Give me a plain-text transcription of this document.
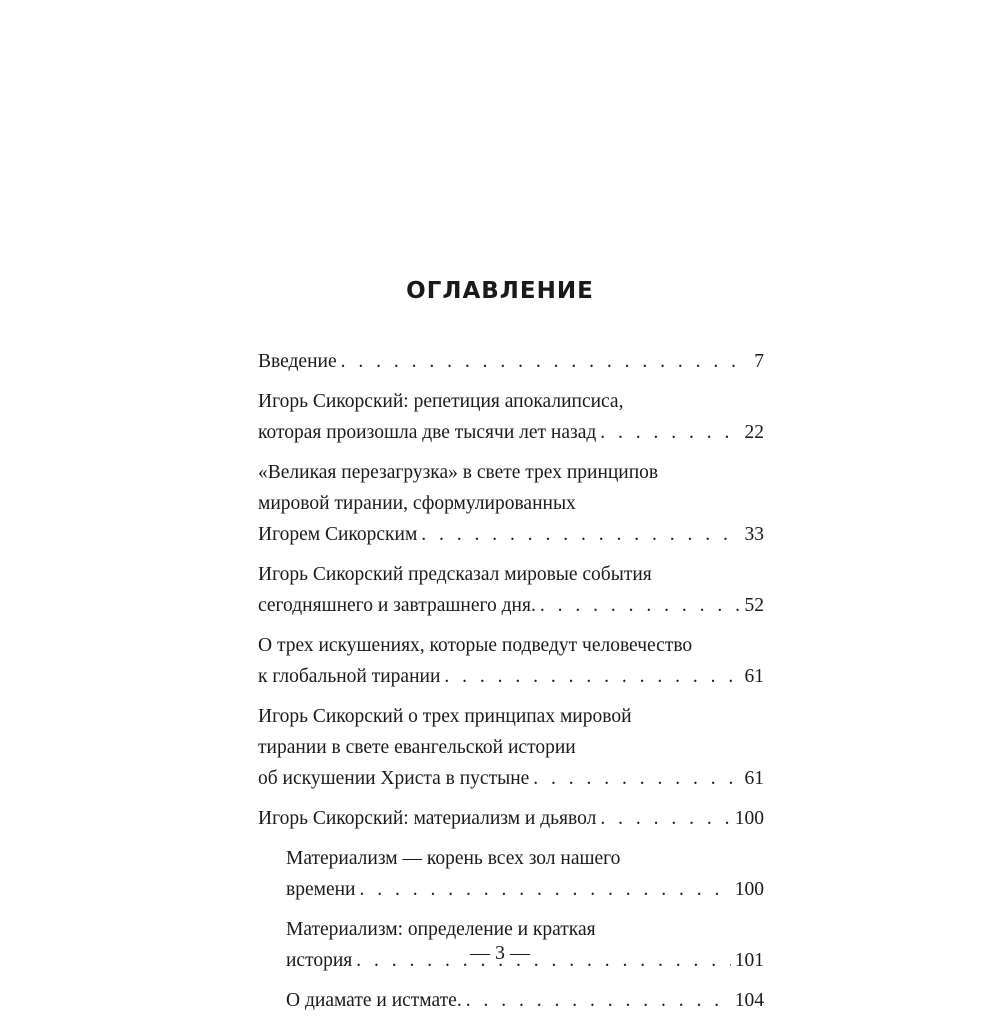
ОГЛАВЛЕНИЕ
Введение . . .	7
Игорь Сикорский: репетиция апокалипсиса,
которая произошла две тысячи лет назад . . .	22
«Великая перезагрузка» в свете трех принципов
мировой тирании, сформулированных
Игорем Сикорским . . .	33
Игорь Сикорский предсказал мировые события
сегодняшнего и завтрашнего дня. . . .	52
О трех искушениях, которые подведут человечество
к глобальной тирании . . .	61
Игорь Сикорский о трех принципах мировой
тирании в свете евангельской истории
об искушении Христа в пустыне . . .	61
Игорь Сикорский: материализм и дьявол . . .	100
Материализм — корень всех зол нашего
времени . . .	100
Материализм: определение и краткая
история . . .	101
О диамате и истмате. . . .	104
— 3 —
